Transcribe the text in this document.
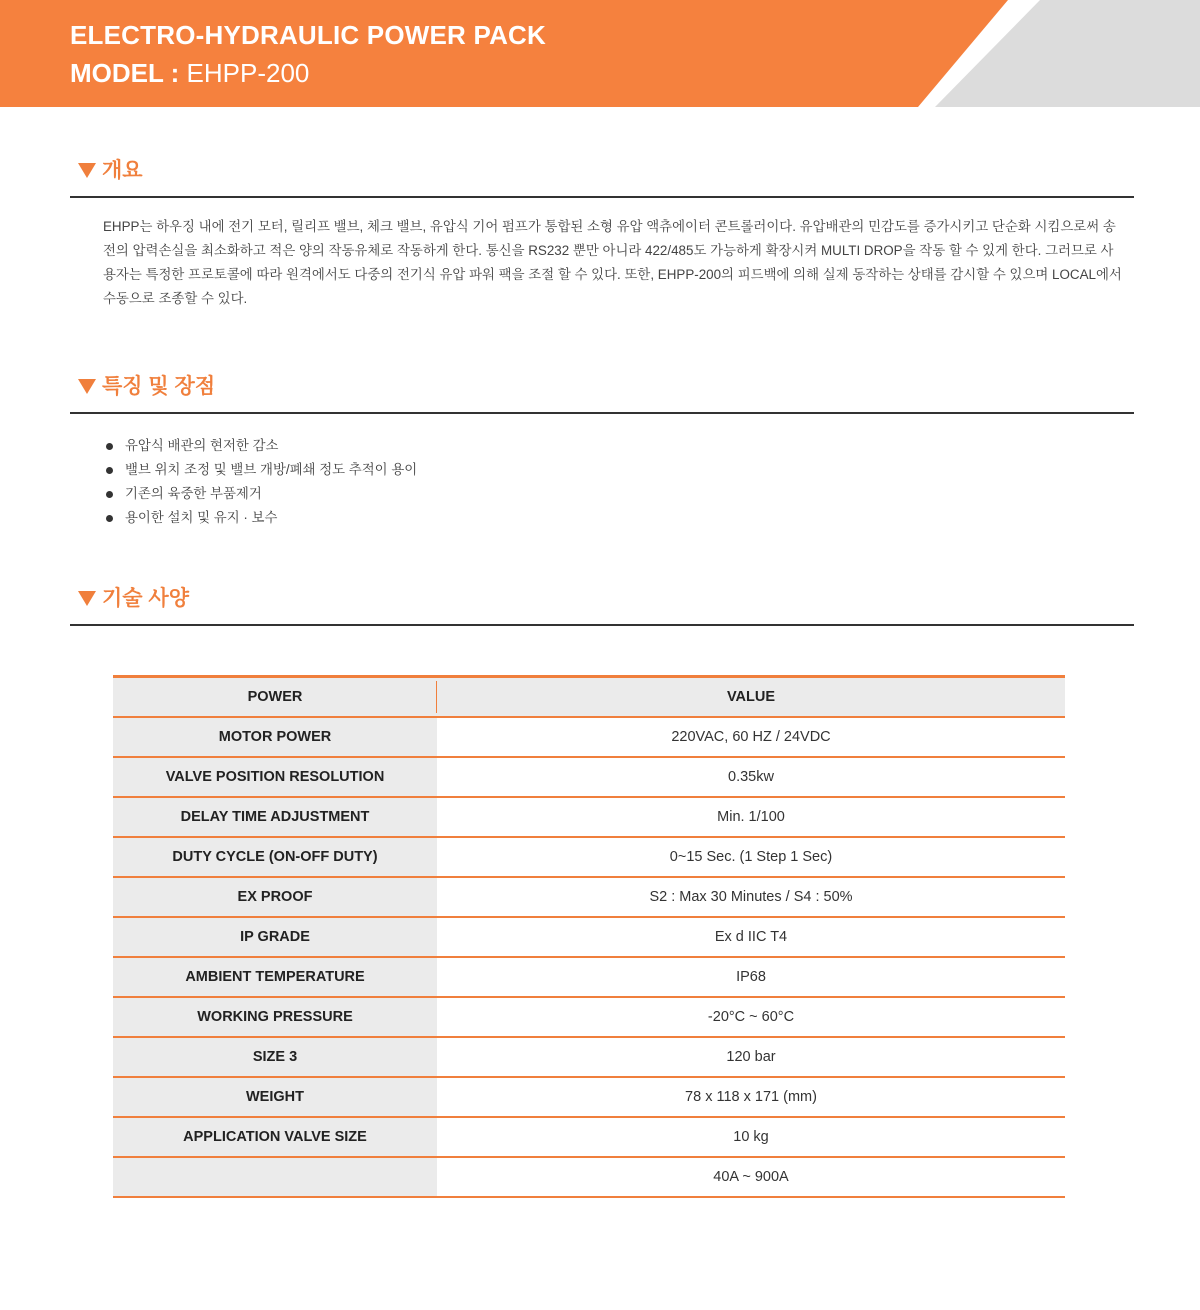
ELECTRO-HYDRAULIC POWER PACK
MODEL : EHPP-200
개요
EHPP는 하우징 내에 전기 모터, 릴리프 밸브, 체크 밸브, 유압식 기어 펌프가 통합된 소형 유압 액츄에이터 콘트롤러이다. 유압배관의 민감도를 증가시키고 단순화 시킴으로써 송전의 압력손실을 최소화하고 적은 양의 작동유체로 작동하게 한다. 통신을 RS232 뿐만 아니라 422/485도 가능하게 확장시켜 MULTI DROP을 작동 할 수 있게 한다. 그러므로 사용자는 특정한 프로토콜에 따라 원격에서도 다중의 전기식 유압 파워 팩을 조절 할 수 있다. 또한, EHPP-200의 피드백에 의해 실제 동작하는 상태를 감시할 수 있으며 LOCAL에서 수동으로 조종할 수 있다.
특징 및 장점
유압식 배관의 현저한 감소
밸브 위치 조정 및 밸브 개방/폐쇄 정도 추적이 용이
기존의 육중한 부품제거
용이한 설치 및 유지 · 보수
기술 사양
POWER	VALUE
MOTOR POWER	220VAC, 60 HZ / 24VDC
VALVE POSITION RESOLUTION	0.35kw
DELAY TIME ADJUSTMENT	Min. 1/100
DUTY CYCLE (ON-OFF DUTY)	0~15 Sec. (1 Step 1 Sec)
EX PROOF	S2 : Max 30 Minutes / S4 : 50%
IP GRADE	Ex d IIC T4
AMBIENT TEMPERATURE	IP68
WORKING PRESSURE	-20°C ~ 60°C
SIZE 3	120 bar
WEIGHT	78 x 118 x 171 (mm)
APPLICATION VALVE SIZE	10 kg
	40A ~ 900A
